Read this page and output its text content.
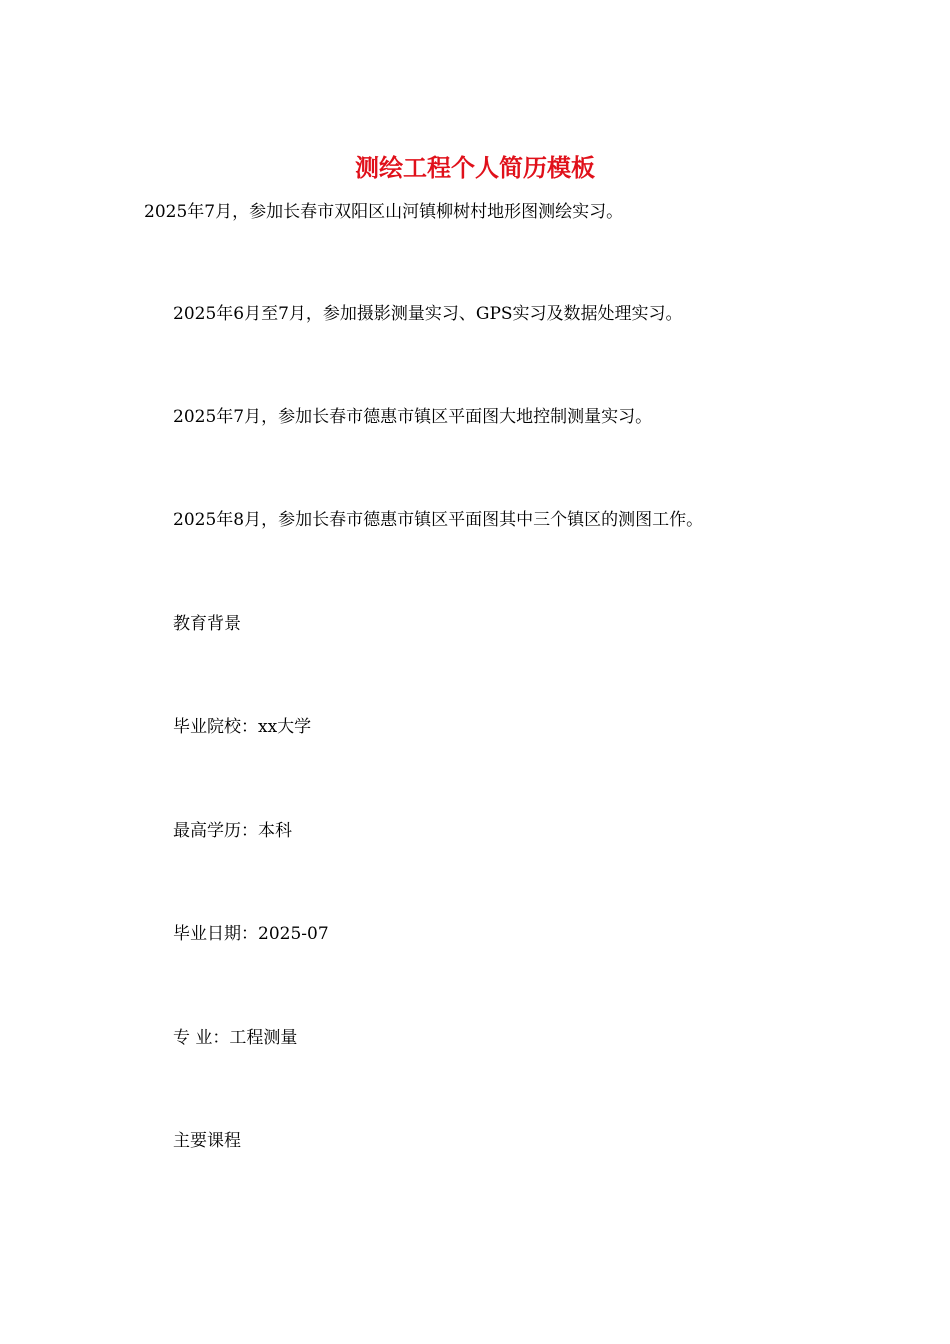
测绘工程个人简历模板
2025年7月，参加长春市双阳区山河镇柳树村地形图测绘实习。
2025年6月至7月，参加摄影测量实习、GPS实习及数据处理实习。
2025年7月，参加长春市德惠市镇区平面图大地控制测量实习。
2025年8月，参加长春市德惠市镇区平面图其中三个镇区的测图工作。
教育背景
毕业院校：xx大学
最高学历：本科
毕业日期：2025-07
专 业：工程测量
主要课程
